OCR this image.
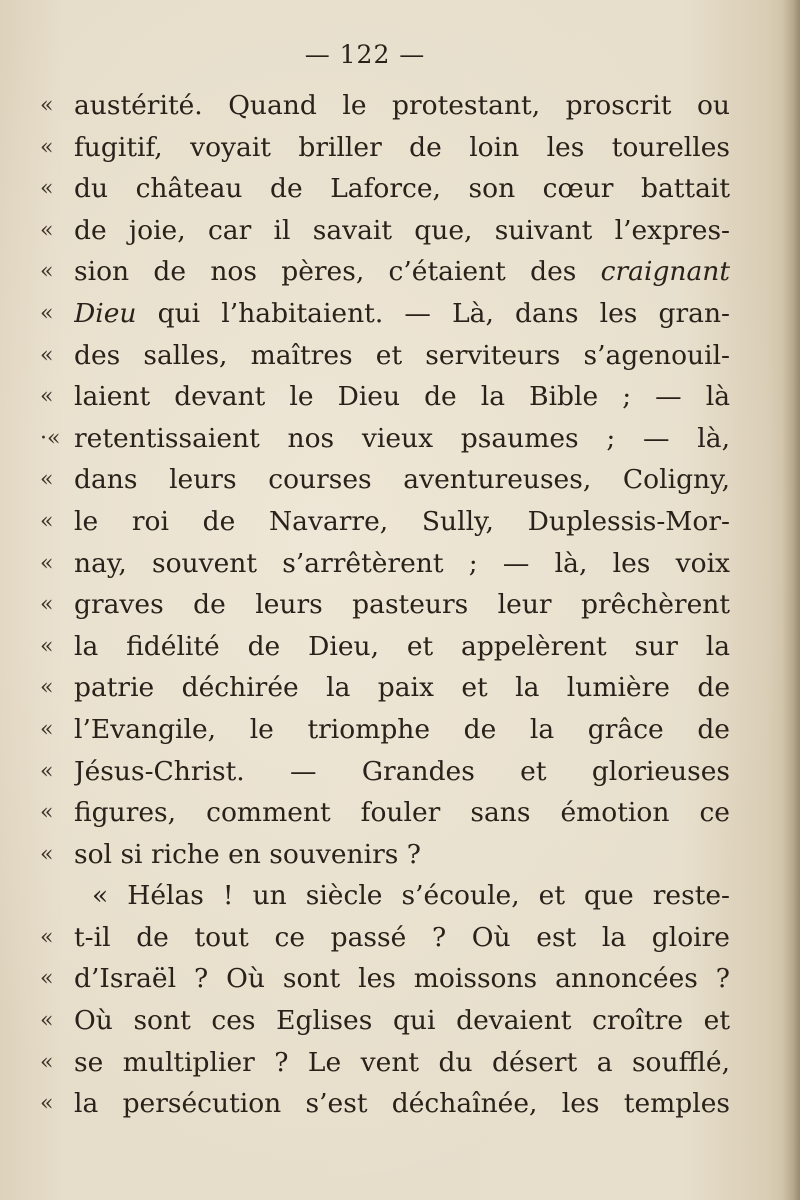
— 122 —
« austérité. Quand le protestant, proscrit ou
« fugitif, voyait briller de loin les tourelles
« du château de Laforce, son cœur battait
« de joie, car il savait que, suivant l’expres-
« sion de nos pères, c’étaient des craignant
« Dieu qui l’habitaient. — Là, dans les gran-
« des salles, maîtres et serviteurs s’agenouil-
« laient devant le Dieu de la Bible ; — là
·« retentissaient nos vieux psaumes ; — là,
« dans leurs courses aventureuses, Coligny,
« le roi de Navarre, Sully, Duplessis-Mor-
« nay, souvent s’arrêtèrent ; — là, les voix
« graves de leurs pasteurs leur prêchèrent
« la fidélité de Dieu, et appelèrent sur la
« patrie déchirée la paix et la lumière de
« l’Evangile, le triomphe de la grâce de
« Jésus-Christ. — Grandes et glorieuses
« figures, comment fouler sans émotion ce
« sol si riche en souvenirs ?
« Hélas ! un siècle s’écoule, et que reste-
« t-il de tout ce passé ? Où est la gloire
« d’Israël ? Où sont les moissons annoncées ?
« Où sont ces Eglises qui devaient croître et
« se multiplier ? Le vent du désert a soufflé,
« la persécution s’est déchaînée, les temples
